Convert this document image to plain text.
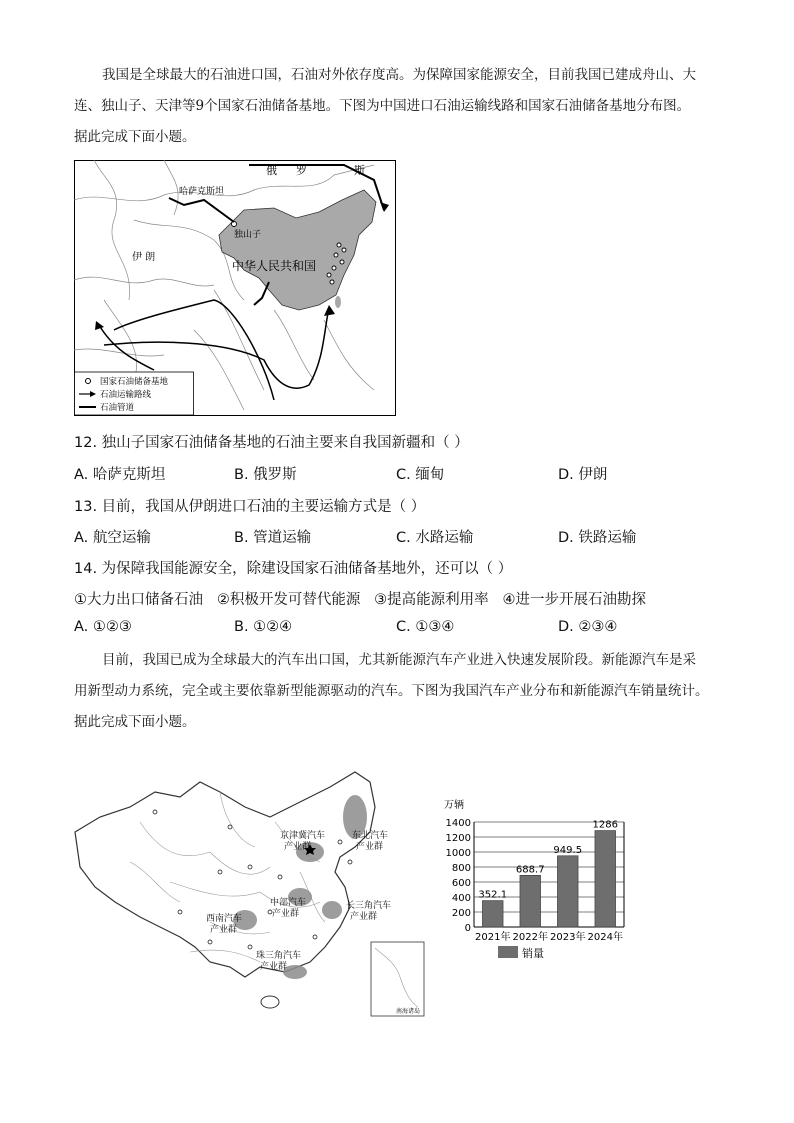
我国是全球最大的石油进口国，石油对外依存度高。为保障国家能源安全，目前我国已建成舟山、大

连、独山子、天津等9个国家石油储备基地。下图为中国进口石油运输线路和国家石油储备基地分布图。

据此完成下面小题。

俄 罗	斯
哈萨克斯坦
独山子
伊 朗
中华人民共和国
国家石油储备基地
石油运输路线
石油管道

12. 独山子国家石油储备基地的石油主要来自我国新疆和（ ）

A. 哈萨克斯坦	B. 俄罗斯	C. 缅甸	D. 伊朗

13. 目前，我国从伊朗进口石油的主要运输方式是（ ）

A. 航空运输	B. 管道运输	C. 水路运输	D. 铁路运输

14. 为保障我国能源安全，除建设国家石油储备基地外，还可以（ ）

①大力出口储备石油   ②积极开发可替代能源   ③提高能源利用率   ④进一步开展石油勘探

A. ①②③	B. ①②④	C. ①③④	D. ②③④

目前，我国已成为全球最大的汽车出口国，尤其新能源汽车产业进入快速发展阶段。新能源汽车是采

用新型动力系统，完全或主要依靠新型能源驱动的汽车。下图为我国汽车产业分布和新能源汽车销量统计。

据此完成下面小题。

京津冀汽车
产业群
东北汽车
产业群
中部汽车
产业群
西南汽车
产业群
长三角汽车
产业群
珠三角汽车
产业群
南海诸岛
万辆
0
200
400
600
800
1000
1200
1400
2021年 2022年 2023年 2024年
352.1
688.7
949.5
1286
销量
